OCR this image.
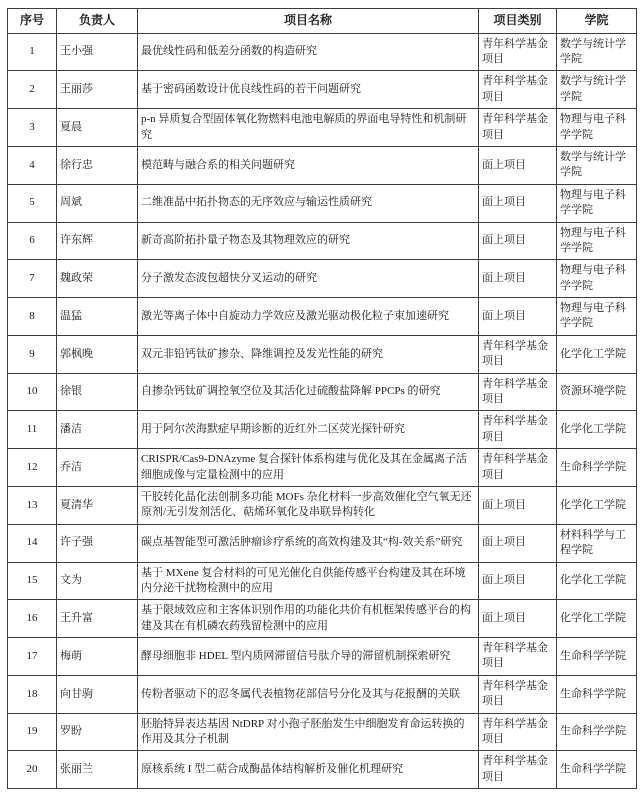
序号	负责人	项目名称	项目类别	学院
1	王小强	最优线性码和低差分函数的构造研究	青年科学基金项目	数学与统计学学院
2	王丽莎	基于密码函数设计优良线性码的若干问题研究	青年科学基金项目	数学与统计学学院
3	夏晨	p-n 异质复合型固体氧化物燃料电池电解质的界面电导特性和机制研究	青年科学基金项目	物理与电子科学学院
4	徐行忠	模范畴与融合系的相关问题研究	面上项目	数学与统计学学院
5	周斌	二维准晶中拓扑物态的无序效应与输运性质研究	面上项目	物理与电子科学学院
6	许东辉	新奇高阶拓扑量子物态及其物理效应的研究	面上项目	物理与电子科学学院
7	魏政荣	分子激发态波包超快分叉运动的研究	面上项目	物理与电子科学学院
8	温猛	激光等离子体中自旋动力学效应及激光驱动极化粒子束加速研究	面上项目	物理与电子科学学院
9	郭枫晚	双元非铅钙钛矿掺杂、降维调控及发光性能的研究	青年科学基金项目	化学化工学院
10	徐银	自掺杂钙钛矿调控氧空位及其活化过硫酸盐降解 PPCPs 的研究	青年科学基金项目	资源环境学院
11	潘洁	用于阿尔茨海默症早期诊断的近红外二区荧光探针研究	青年科学基金项目	化学化工学院
12	乔洁	CRISPR/Cas9-DNAzyme 复合探针体系构建与优化及其在金属离子活细胞成像与定量检测中的应用	青年科学基金项目	生命科学学院
13	夏清华	干胶转化晶化法创制多功能 MOFs 杂化材料一步高效催化空气氧无还原剂/无引发剂活化、萜烯环氧化及串联异构转化	面上项目	化学化工学院
14	许子强	碳点基智能型可激活肿瘤诊疗系统的高效构建及其“构-效关系”研究	面上项目	材料科学与工程学院
15	文为	基于 MXene 复合材料的可见光催化自供能传感平台构建及其在环境内分泌干扰物检测中的应用	面上项目	化学化工学院
16	王升富	基于限域效应和主客体识别作用的功能化共价有机框架传感平台的构建及其在有机磷农药残留检测中的应用	面上项目	化学化工学院
17	梅萌	酵母细胞非 HDEL 型内质网滞留信号肽介导的滞留机制探索研究	青年科学基金项目	生命科学学院
18	向甘驹	传粉者驱动下的忍冬属代表植物花部信号分化及其与花报酬的关联	青年科学基金项目	生命科学学院
19	罗盼	胚胎特异表达基因 NtDRP 对小孢子胚胎发生中细胞发育命运转换的作用及其分子机制	青年科学基金项目	生命科学学院
20	张丽兰	原核系统 I 型二萜合成酶晶体结构解析及催化机理研究	青年科学基金项目	生命科学学院
